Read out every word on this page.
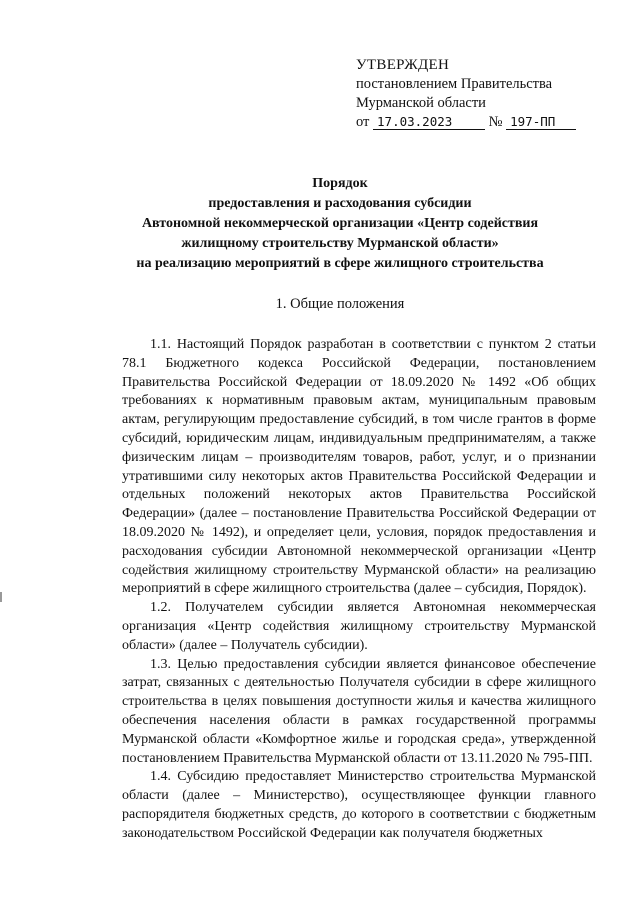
УТВЕРЖДЕН
постановлением Правительства
Мурманской области
от 17.03.2023	№ 197-ПП
Порядок
предоставления и расходования субсидии
Автономной некоммерческой организации «Центр содействия
жилищному строительству Мурманской области»
на реализацию мероприятий в сфере жилищного строительства
1. Общие положения

1.1. Настоящий Порядок разработан в соответствии с пунктом 2 статьи 78.1 Бюджетного кодекса Российской Федерации, постановлением Правительства Российской Федерации от 18.09.2020 № 1492 «Об общих требованиях к нормативным правовым актам, муниципальным правовым актам, регулирующим предоставление субсидий, в том числе грантов в форме субсидий, юридическим лицам, индивидуальным предпринимателям, а также физическим лицам – производителям товаров, работ, услуг, и о признании утратившими силу некоторых актов Правительства Российской Федерации и отдельных положений некоторых актов Правительства Российской Федерации» (далее – постановление Правительства Российской Федерации от 18.09.2020 № 1492), и определяет цели, условия, порядок предоставления и расходования субсидии Автономной некоммерческой организации «Центр содействия жилищному строительству Мурманской области» на реализацию мероприятий в сфере жилищного строительства (далее – субсидия, Порядок).

1.2. Получателем субсидии является Автономная некоммерческая организация «Центр содействия жилищному строительству Мурманской области» (далее – Получатель субсидии).

1.3. Целью предоставления субсидии является финансовое обеспечение затрат, связанных с деятельностью Получателя субсидии в сфере жилищного строительства в целях повышения доступности жилья и качества жилищного обеспечения населения области в рамках государственной программы Мурманской области «Комфортное жилье и городская среда», утвержденной постановлением Правительства Мурманской области от 13.11.2020 № 795-ПП.

1.4. Субсидию предоставляет Министерство строительства Мурманской области (далее – Министерство), осуществляющее функции главного распорядителя бюджетных средств, до которого в соответствии с бюджетным законодательством Российской Федерации как получателя бюджетных
